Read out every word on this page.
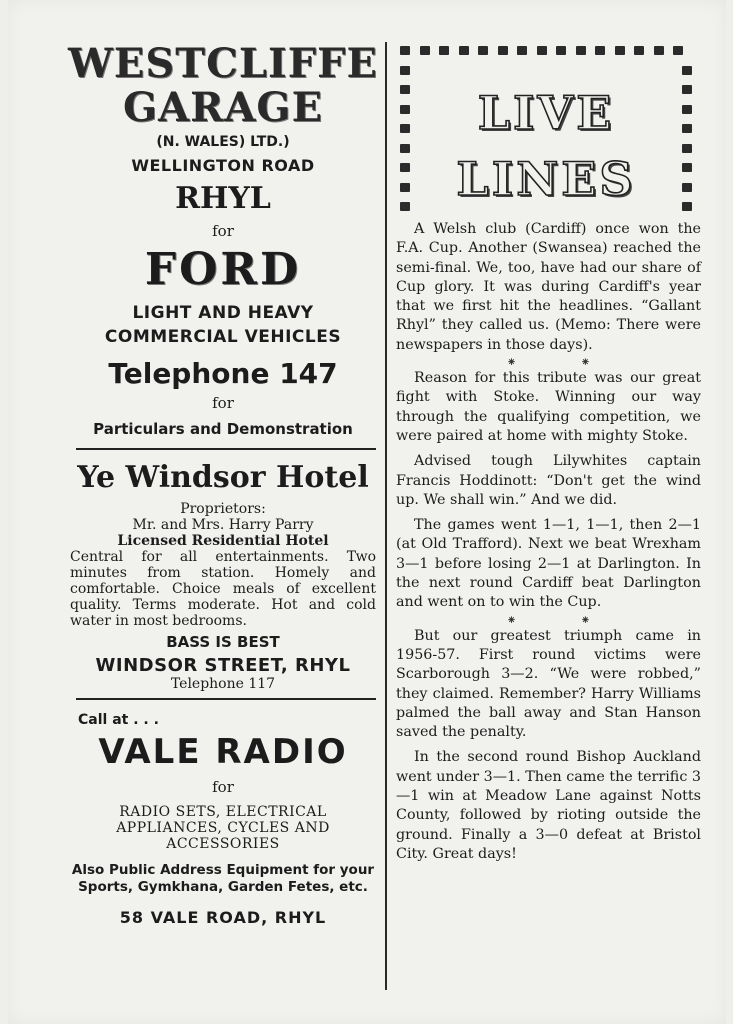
WESTCLIFFE
GARAGE
(N. WALES) LTD.)
WELLINGTON ROAD
RHYL
for
FORD
LIGHT AND HEAVY
COMMERCIAL VEHICLES
Telephone 147
for
Particulars and Demonstration
Ye Windsor Hotel
Proprietors:
Mr. and Mrs. Harry Parry
Licensed Residential Hotel
Central for all entertainments. Two minutes from station. Homely and comfortable. Choice meals of excellent quality. Terms moderate. Hot and cold water in most bedrooms.
BASS IS BEST
WINDSOR STREET, RHYL
Telephone 117
Call at . . .
VALE RADIO
for
RADIO SETS, ELECTRICAL APPLIANCES, CYCLES AND ACCESSORIES
Also Public Address Equipment for your Sports, Gymkhana, Garden Fetes, etc.
58 VALE ROAD, RHYL
LIVE
LINES

A Welsh club (Cardiff) once won the F.A. Cup. Another (Swansea) reached the semi-final. We, too, have had our share of Cup glory. It was during Cardiff's year that we first hit the headlines. “Gallant Rhyl” they called us. (Memo: There were newspapers in those days).

⁕ ⁕

Reason for this tribute was our great fight with Stoke. Winning our way through the qualifying competition, we were paired at home with mighty Stoke.

Advised tough Lilywhites captain Francis Hoddinott: “Don't get the wind up. We shall win.” And we did.

The games went 1—1, 1—1, then 2—1 (at Old Trafford). Next we beat Wrexham 3—1 before losing 2—1 at Darlington. In the next round Cardiff beat Darlington and went on to win the Cup.

⁕ ⁕

But our greatest triumph came in 1956-57. First round victims were Scarborough 3—2. “We were robbed,” they claimed. Remember? Harry Williams palmed the ball away and Stan Hanson saved the penalty.

In the second round Bishop Auckland went under 3—1. Then came the terrific 3—1 win at Meadow Lane against Notts County, followed by rioting outside the ground. Finally a 3—0 defeat at Bristol City. Great days!
